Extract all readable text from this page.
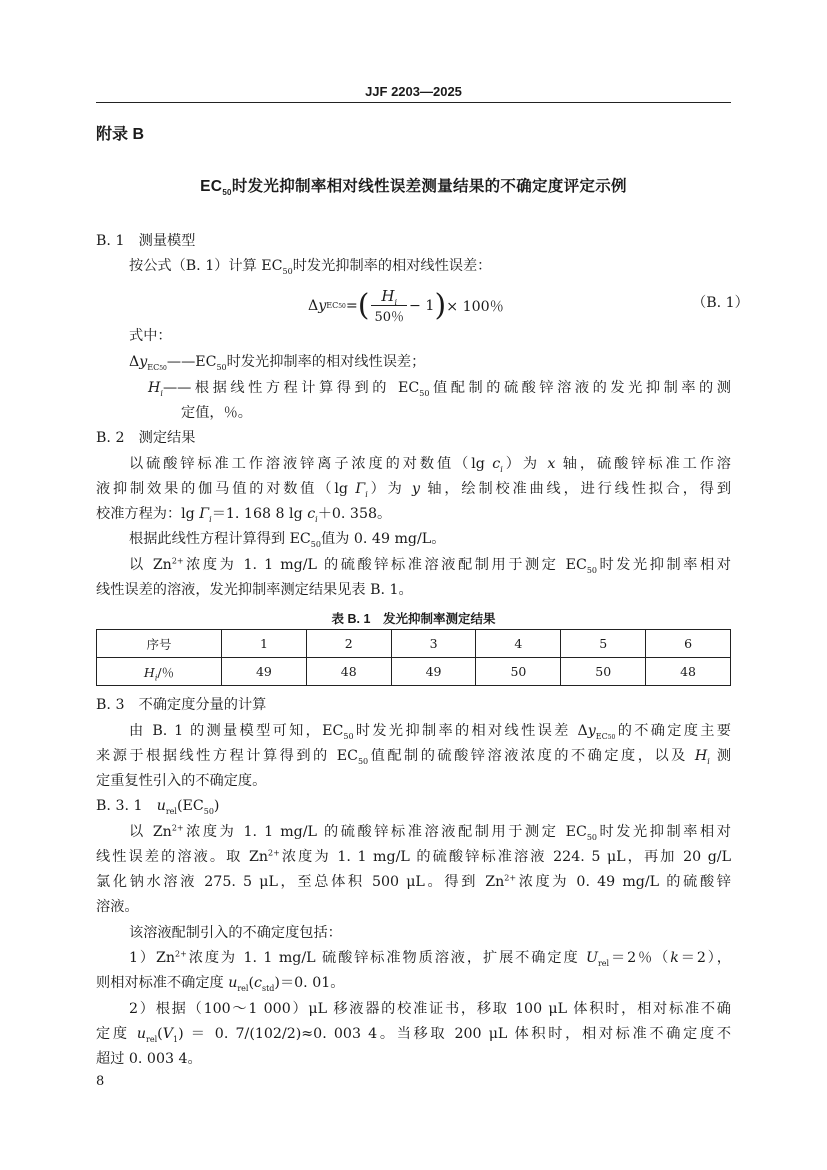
JJF 2203—2025
附录 B
$EC_{50}$时发光抑制率相对线性误差测量结果的不确定度评定示例
B. 1　测量模型
按公式（B. 1）计算 $EC_{50}$时发光抑制率的相对线性误差：
Δ y EC50 = ( $\frac{H_i}{50\%} - 1$ ) × 100％	（B. 1）
式中：
$\Delta y_{EC50}——EC_{50}$时发光抑制率的相对线性误差；
$H_i——$根据线性方程计算得到的 $EC_{50}$值配制的硫酸锌溶液的发光抑制率的测
定值，％。
B. 2　测定结果
以硫酸锌标准工作溶液锌离子浓度的对数值（lg $c_i$）为 x 轴，硫酸锌标准工作溶
液抑制效果的伽马值的对数值（lg $\Gamma_i$）为 y 轴，绘制校准曲线，进行线性拟合，得到
校准方程为：$\lg \Gamma_i=1$. 168 8 $\lg c_i+0$. 358。
根据此线性方程计算得到 $EC_{50}$值为 0. 49 mg/L。
以 $Zn^{2+}$浓度为 1. 1 mg/L 的硫酸锌标准溶液配制用于测定 $EC_{50}$时发光抑制率相对
线性误差的溶液，发光抑制率测定结果见表 B. 1。
表 B. 1　发光抑制率测定结果
序号	1	2	3	4	5	6
$H_i/$％	49	48	49	50	50	48
B. 3　不确定度分量的计算
由 B. 1 的测量模型可知，$EC_{50}$时发光抑制率的相对线性误差 $\Delta y_{EC50}$的不确定度主要
来源于根据线性方程计算得到的 $EC_{50}$值配制的硫酸锌溶液浓度的不确定度，以及 $H_i$ 测
定重复性引入的不确定度。
B. 3. 1　$u_{rel}(EC_{50})$
以 $Zn^{2+}$浓度为 1. 1 mg/L 的硫酸锌标准溶液配制用于测定 $EC_{50}$时发光抑制率相对
线性误差的溶液。取 $Zn^{2+}$浓度为 1. 1 mg/L 的硫酸锌标准溶液 224. 5 μL，再加 20 g/L
氯化钠水溶液 275. 5 μL，至总体积 500 μL。得到 $Zn^{2+}$浓度为 0. 49 mg/L 的硫酸锌
溶液。
该溶液配制引入的不确定度包括：
$1)Zn^{2+}$浓度为 1. 1 mg/L 硫酸锌标准物质溶液，扩展不确定度 $U_{rel}=2$％（k＝2），
则相对标准不确定度 $u_{rel}(c_{std})=0$. 01。
2）根据（100～1 000）μL 移液器的校准证书，移取 100 μL 体积时，相对标准不确
定度 $u_{rel}(V_1) = 0$. 7/(102/2)≈0. 003 4。当移取 200 μL 体积时，相对标准不确定度不
超过 0. 003 4。
8
